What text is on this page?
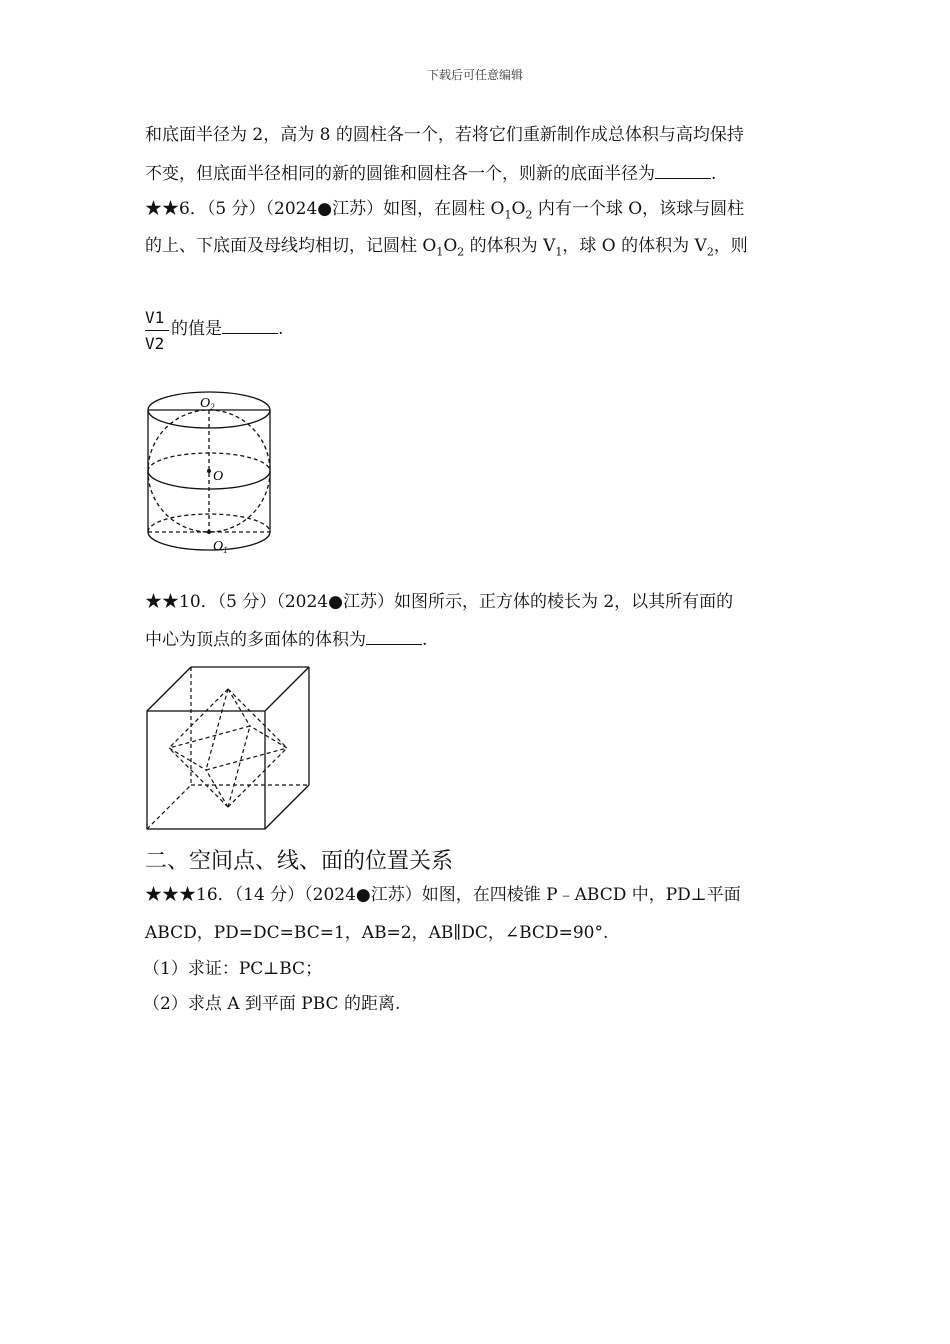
下载后可任意编辑
和底面半径为 2，高为 8 的圆柱各一个，若将它们重新制作成总体积与高均保持
不变，但底面半径相同的新的圆锥和圆柱各一个，则新的底面半径为	.
★★6．（5 分）（2024●江苏）如图，在圆柱 $O_1O_2$ 内有一个球 O，该球与圆柱
的上、下底面及母线均相切，记圆柱 $O_1O_2$ 的体积为 $V_1$，球 O 的体积为 $V_2$，则
V1
V2
的值是	.
$O_2$
O
$O_1$
★★10．（5 分）（2024●江苏）如图所示，正方体的棱长为 2，以其所有面的
中心为顶点的多面体的体积为	.
二、空间点、线、面的位置关系
★★★16．（14 分）（2024●江苏）如图，在四棱锥 P﹣ABCD 中，PD⊥平面
ABCD，PD=DC=BC=1，AB=2，AB∥DC，∠BCD=90°.
（1）求证：PC⊥BC；
（2）求点 A 到平面 PBC 的距离.
